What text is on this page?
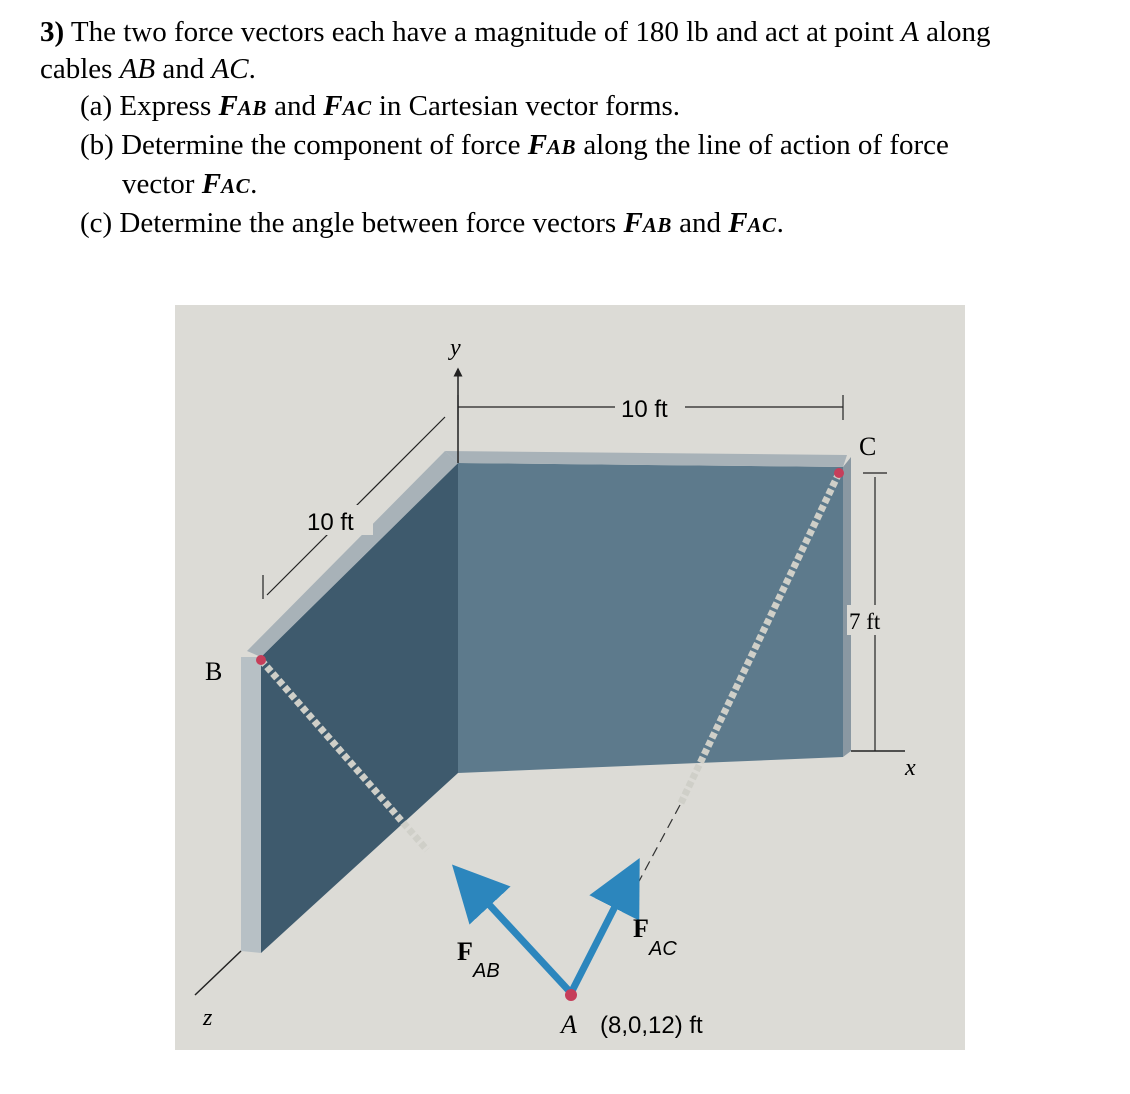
3) The two force vectors each have a magnitude of 180 lb and act at point A along
cables AB and AC.
(a) Express FAB and FAC in Cartesian vector forms.
(b) Determine the component of force FAB along the line of action of force
vector FAC.
(c) Determine the angle between force vectors FAB and FAC.
y
x
z
10 ft
10 ft
7 ft
B
C
F
AB
F
AC
A (8,0,12) ft
